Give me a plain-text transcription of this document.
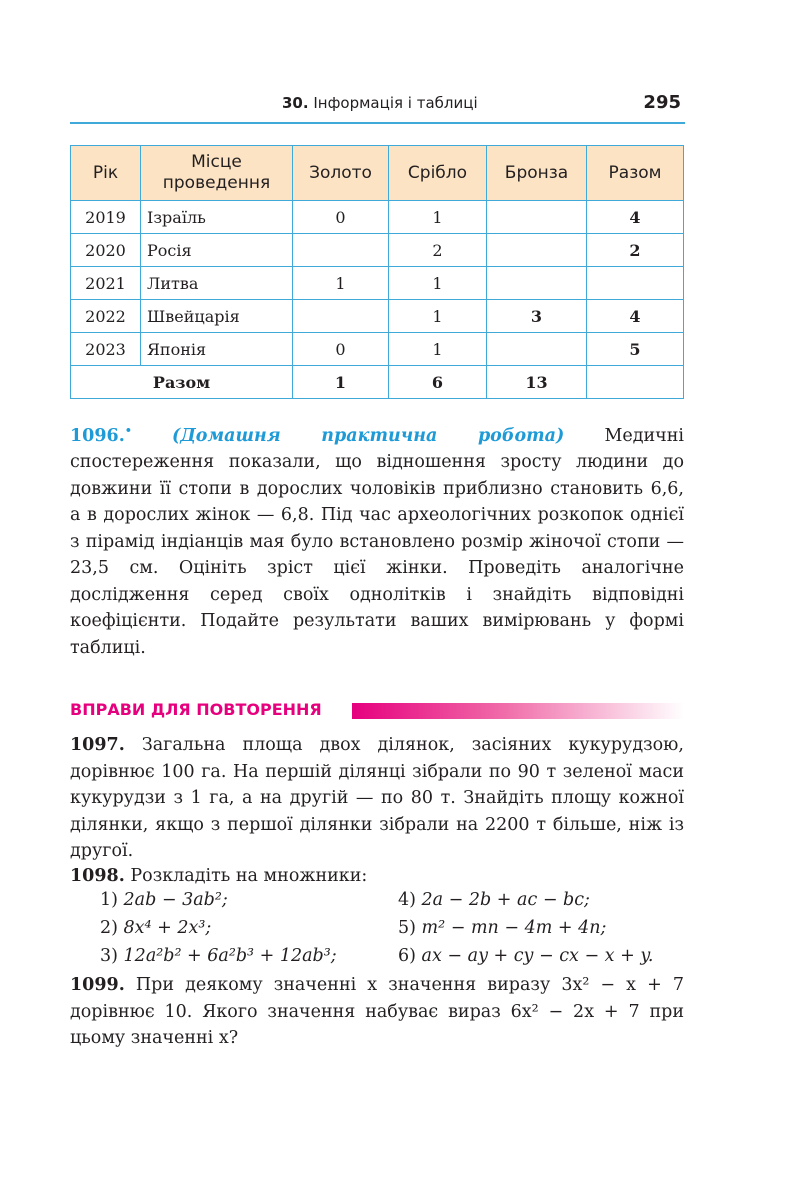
30. Інформація і таблиці	295
Рік	Місце проведення	Золото	Срібло	Бронза	Разом
2019	Ізраїль	0	1		4
2020	Росія		2		2
2021	Литва	1	1		
2022	Швейцарія		1	3	4
2023	Японія	0	1		5
Разом		1	6	13	
1096.• (Домашня практична робота) Медичні спостереження показали, що відношення зросту людини до довжини її стопи в дорослих чоловіків приблизно становить 6,6, а в дорослих жінок — 6,8. Під час археологічних розкопок однієї з пірамід індіанців мая було встановлено розмір жіночої стопи — 23,5 см. Оцініть зріст цієї жінки. Проведіть аналогічне дослідження серед своїх однолітків і знайдіть відповідні коефіцієнти. Подайте результати ваших вимірювань у формі таблиці.
ВПРАВИ ДЛЯ ПОВТОРЕННЯ
1097. Загальна площа двох ділянок, засіяних кукурудзою, дорівнює 100 га. На першій ділянці зібрали по 90 т зеленої маси кукурудзи з 1 га, а на другій — по 80 т. Знайдіть площу кожної ділянки, якщо з першої ділянки зібрали на 2200 т більше, ніж із другої.
1098. Розкладіть на множники:
1) 2ab − 3ab²;	4) 2a − 2b + ac − bc;
2) 8x⁴ + 2x³;	5) m² − mn − 4m + 4n;
3) 12a²b² + 6a²b³ + 12ab³;	6) ax − ay + cy − cx − x + y.
1099. При деякому значенні x значення виразу 3x² − x + 7 дорівнює 10. Якого значення набуває вираз 6x² − 2x + 7 при цьому значенні x?
